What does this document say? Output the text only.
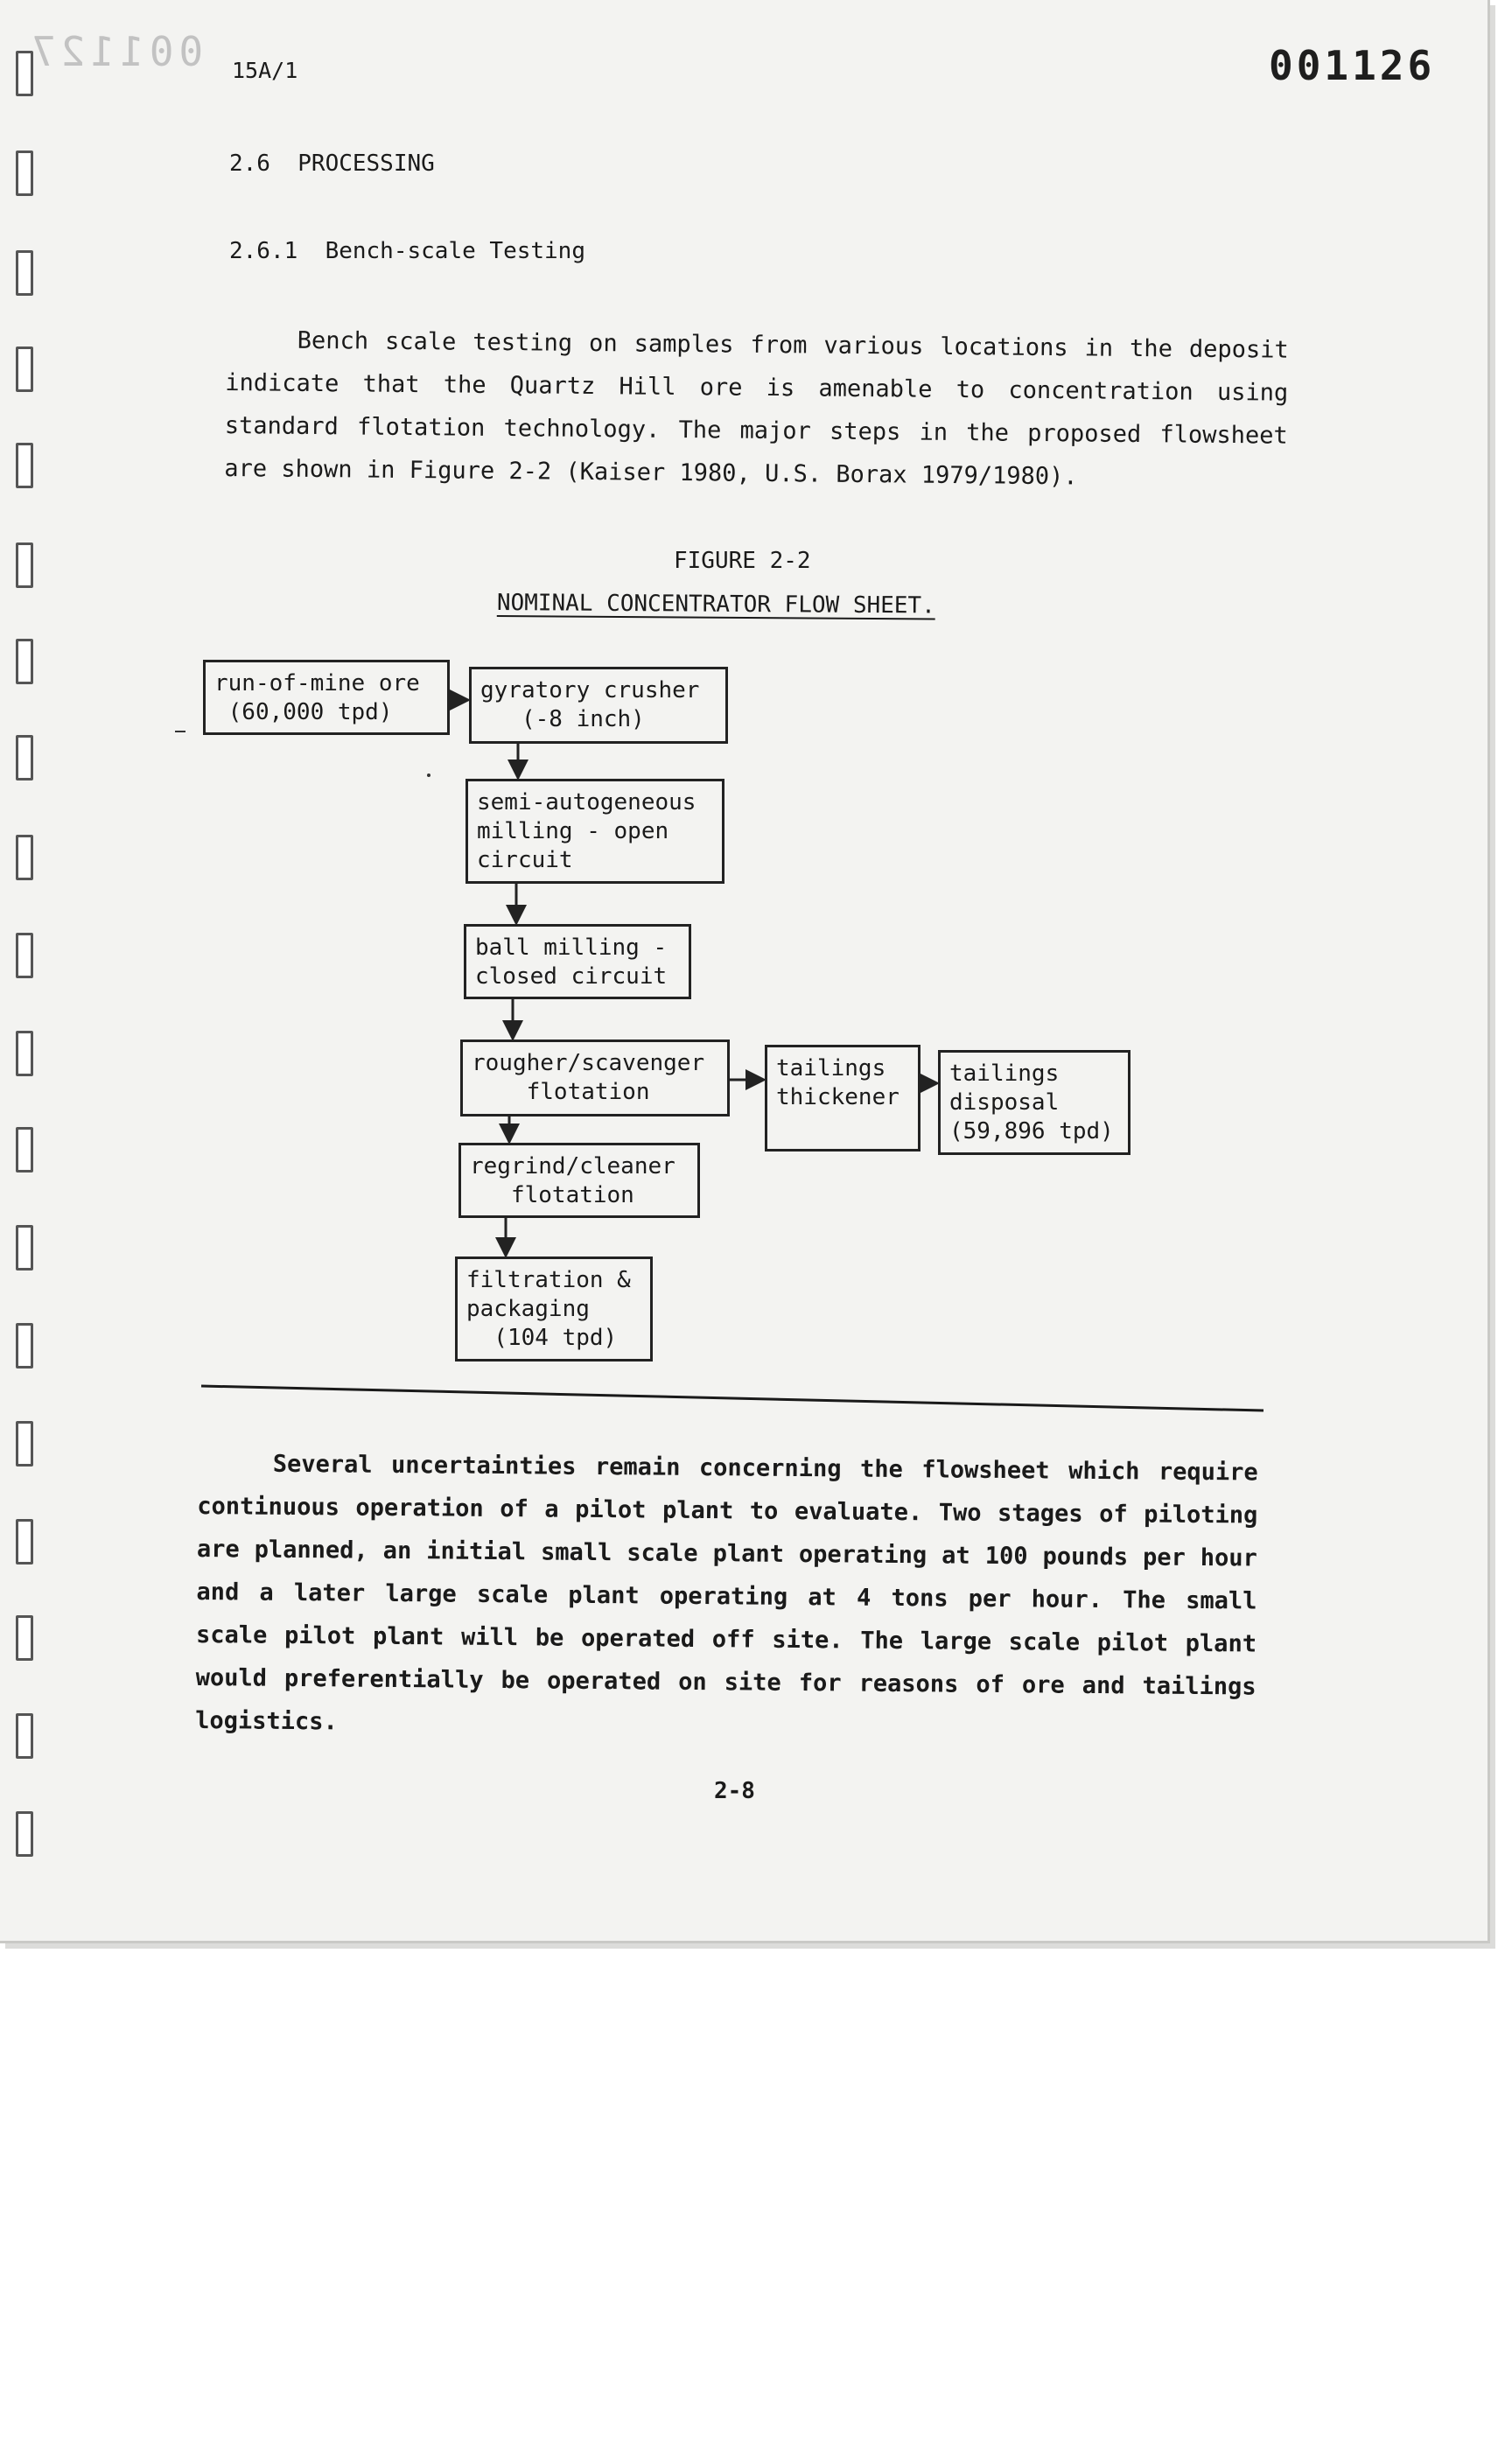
001127 15A/1	001126
2.6  PROCESSING
2.6.1  Bench-scale Testing
Bench scale testing on samples from various locations in the deposit indicate that the Quartz Hill ore is amenable to concentration using standard flotation technology. The major steps in the proposed flowsheet are shown in Figure 2-2 (Kaiser 1980, U.S. Borax 1979/1980).
FIGURE 2-2
NOMINAL CONCENTRATOR FLOW SHEET.
run-of-mine ore
(60,000 tpd)
gyratory crusher
(-8 inch)
semi-autogeneous
milling - open
circuit
ball milling -
closed circuit
rougher/scavenger
flotation
tailings
thickener
tailings
disposal
(59,896 tpd)
regrind/cleaner
flotation
filtration &
packaging
(104 tpd)
Several uncertainties remain concerning the flowsheet which require continuous operation of a pilot plant to evaluate. Two stages of piloting are planned, an initial small scale plant operating at 100 pounds per hour and a later large scale plant operating at 4 tons per hour. The small scale pilot plant will be operated off site. The large scale pilot plant would preferentially be operated on site for reasons of ore and tailings logistics.
2-8
